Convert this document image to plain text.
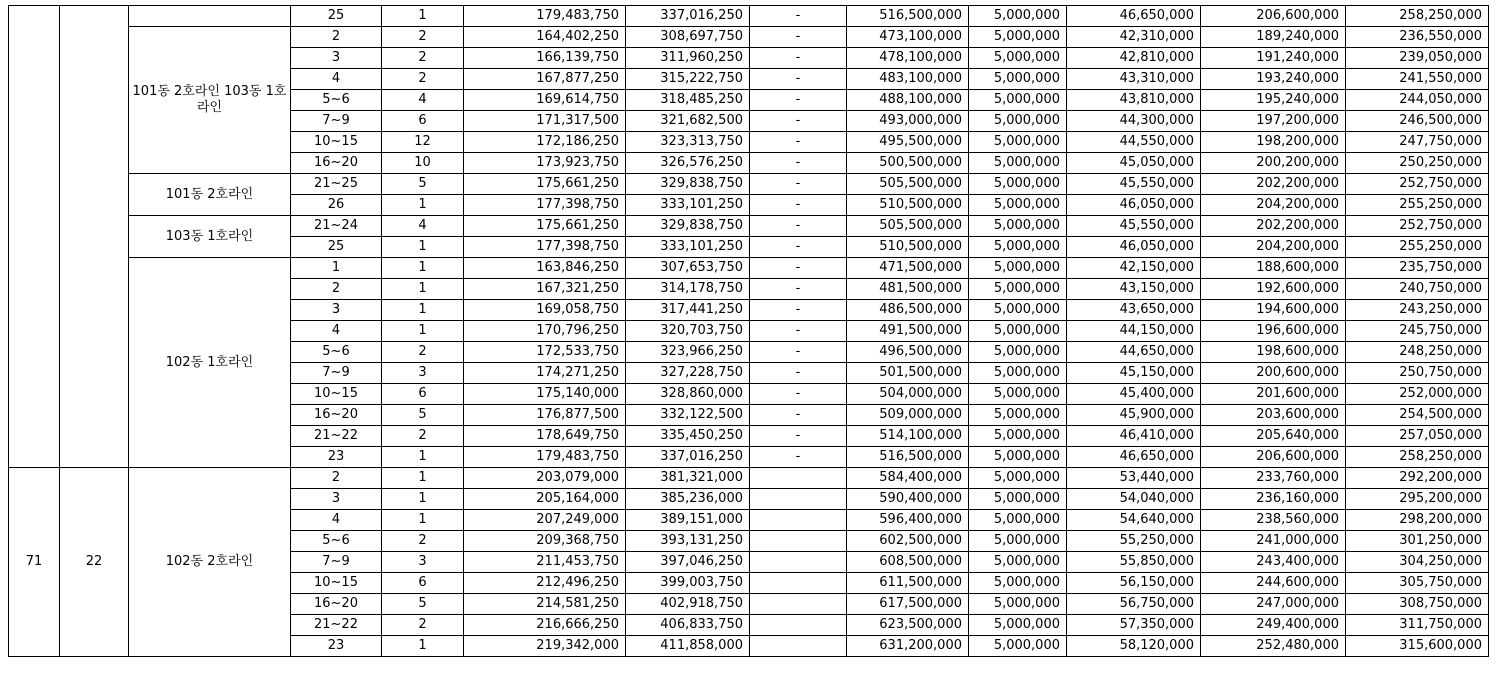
			25	1	179,483,750	337,016,250	-	516,500,000	5,000,000	46,650,000	206,600,000	258,250,000
		101동 2호라인 103동 1호라인	2	2	164,402,250	308,697,750	-	473,100,000	5,000,000	42,310,000	189,240,000	236,550,000
			3	2	166,139,750	311,960,250	-	478,100,000	5,000,000	42,810,000	191,240,000	239,050,000
			4	2	167,877,250	315,222,750	-	483,100,000	5,000,000	43,310,000	193,240,000	241,550,000
			5~6	4	169,614,750	318,485,250	-	488,100,000	5,000,000	43,810,000	195,240,000	244,050,000
			7~9	6	171,317,500	321,682,500	-	493,000,000	5,000,000	44,300,000	197,200,000	246,500,000
			10~15	12	172,186,250	323,313,750	-	495,500,000	5,000,000	44,550,000	198,200,000	247,750,000
			16~20	10	173,923,750	326,576,250	-	500,500,000	5,000,000	45,050,000	200,200,000	250,250,000
		101동 2호라인	21~25	5	175,661,250	329,838,750	-	505,500,000	5,000,000	45,550,000	202,200,000	252,750,000
			26	1	177,398,750	333,101,250	-	510,500,000	5,000,000	46,050,000	204,200,000	255,250,000
		103동 1호라인	21~24	4	175,661,250	329,838,750	-	505,500,000	5,000,000	45,550,000	202,200,000	252,750,000
			25	1	177,398,750	333,101,250	-	510,500,000	5,000,000	46,050,000	204,200,000	255,250,000
		102동 1호라인	1	1	163,846,250	307,653,750	-	471,500,000	5,000,000	42,150,000	188,600,000	235,750,000
			2	1	167,321,250	314,178,750	-	481,500,000	5,000,000	43,150,000	192,600,000	240,750,000
			3	1	169,058,750	317,441,250	-	486,500,000	5,000,000	43,650,000	194,600,000	243,250,000
			4	1	170,796,250	320,703,750	-	491,500,000	5,000,000	44,150,000	196,600,000	245,750,000
			5~6	2	172,533,750	323,966,250	-	496,500,000	5,000,000	44,650,000	198,600,000	248,250,000
			7~9	3	174,271,250	327,228,750	-	501,500,000	5,000,000	45,150,000	200,600,000	250,750,000
			10~15	6	175,140,000	328,860,000	-	504,000,000	5,000,000	45,400,000	201,600,000	252,000,000
			16~20	5	176,877,500	332,122,500	-	509,000,000	5,000,000	45,900,000	203,600,000	254,500,000
			21~22	2	178,649,750	335,450,250	-	514,100,000	5,000,000	46,410,000	205,640,000	257,050,000
			23	1	179,483,750	337,016,250	-	516,500,000	5,000,000	46,650,000	206,600,000	258,250,000
71	22	102동 2호라인	2	1	203,079,000	381,321,000		584,400,000	5,000,000	53,440,000	233,760,000	292,200,000
			3	1	205,164,000	385,236,000		590,400,000	5,000,000	54,040,000	236,160,000	295,200,000
			4	1	207,249,000	389,151,000		596,400,000	5,000,000	54,640,000	238,560,000	298,200,000
			5~6	2	209,368,750	393,131,250		602,500,000	5,000,000	55,250,000	241,000,000	301,250,000
			7~9	3	211,453,750	397,046,250		608,500,000	5,000,000	55,850,000	243,400,000	304,250,000
			10~15	6	212,496,250	399,003,750		611,500,000	5,000,000	56,150,000	244,600,000	305,750,000
			16~20	5	214,581,250	402,918,750		617,500,000	5,000,000	56,750,000	247,000,000	308,750,000
			21~22	2	216,666,250	406,833,750		623,500,000	5,000,000	57,350,000	249,400,000	311,750,000
			23	1	219,342,000	411,858,000		631,200,000	5,000,000	58,120,000	252,480,000	315,600,000
